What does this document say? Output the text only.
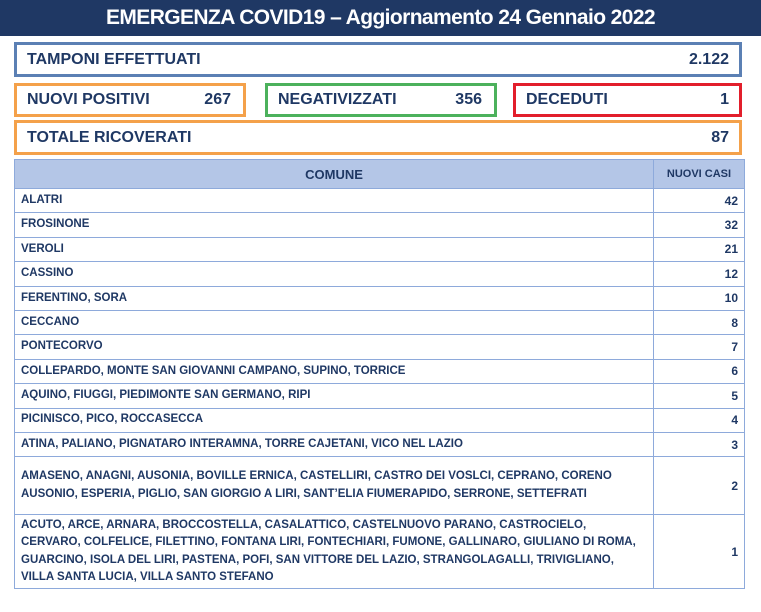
EMERGENZA COVID19 – Aggiornamento 24 Gennaio 2022
TAMPONI EFFETTUATI	2.122
NUOVI POSITIVI	267	NEGATIVIZZATI	356	DECEDUTI	1
TOTALE RICOVERATI	87
COMUNE	NUOVI CASI
ALATRI	42
FROSINONE	32
VEROLI	21
CASSINO	12
FERENTINO, SORA	10
CECCANO	8
PONTECORVO	7
COLLEPARDO, MONTE SAN GIOVANNI CAMPANO, SUPINO, TORRICE	6
AQUINO, FIUGGI, PIEDIMONTE SAN GERMANO, RIPI	5
PICINISCO, PICO, ROCCASECCA	4
ATINA, PALIANO, PIGNATARO INTERAMNA, TORRE CAJETANI, VICO NEL LAZIO	3
AMASENO, ANAGNI, AUSONIA, BOVILLE ERNICA, CASTELLIRI, CASTRO DEI VOSLCI, CEPRANO, CORENO AUSONIO, ESPERIA, PIGLIO, SAN GIORGIO A LIRI, SANT’ELIA FIUMERAPIDO, SERRONE, SETTEFRATI	2
ACUTO, ARCE, ARNARA, BROCCOSTELLA, CASALATTICO, CASTELNUOVO PARANO, CASTROCIELO, CERVARO, COLFELICE, FILETTINO, FONTANA LIRI, FONTECHIARI, FUMONE, GALLINARO, GIULIANO DI ROMA, GUARCINO, ISOLA DEL LIRI, PASTENA, POFI, SAN VITTORE DEL LAZIO, STRANGOLAGALLI, TRIVIGLIANO, VILLA SANTA LUCIA, VILLA SANTO STEFANO	1
